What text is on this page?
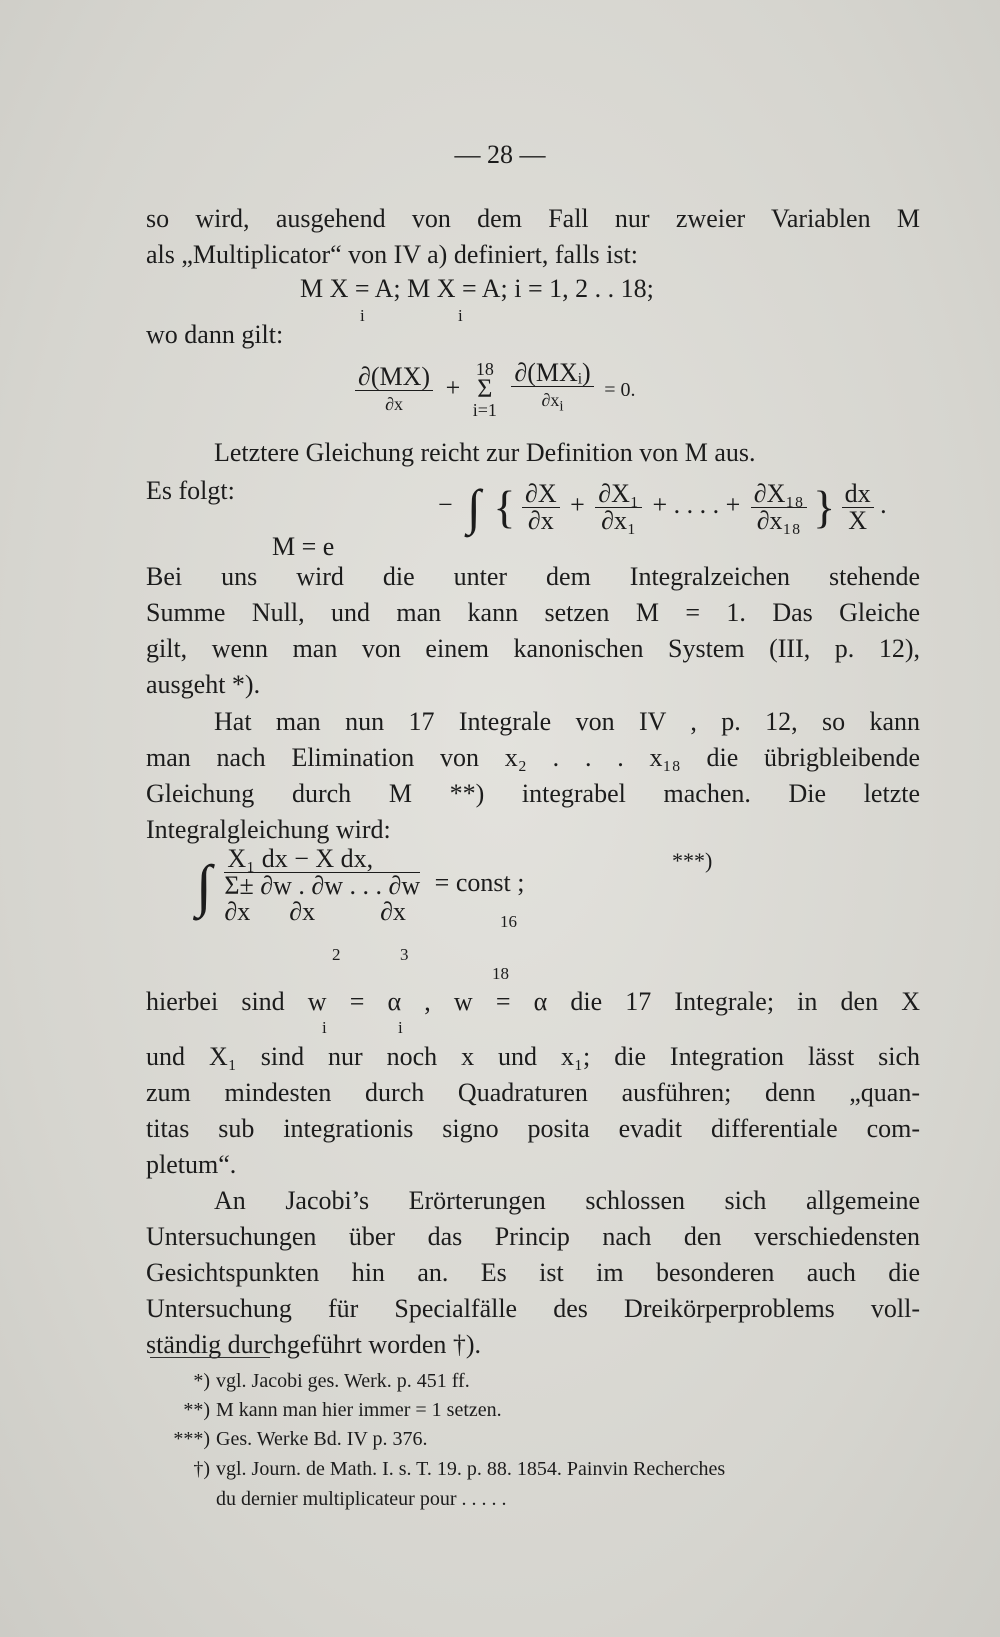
— 28 —
so wird, ausgehend von dem Fall nur zweier Variablen M
als „Multiplicator“ von IV a) definiert, falls ist:
wo dann gilt:
Letztere Gleichung reicht zur Definition von M aus.
Es folgt:
Bei uns wird die unter dem Integralzeichen stehende
Summe Null, und man kann setzen M = 1. Das Gleiche
gilt, wenn man von einem kanonischen System (III, p. 12),
ausgeht *).
Hat man nun 17 Integrale von IV , p. 12, so kann
man nach Elimination von x₂ . . . x₁₈ die übrigbleibende
Gleichung durch M **) integrabel machen. Die letzte
Integralgleichung wird:
hierbei sind w = α , w = α die 17 Integrale; in den X
und X₁ sind nur noch x und x₁; die Integration lässt sich
zum mindesten durch Quadraturen ausführen; denn „quan-
titas sub integrationis signo posita evadit differentiale com-
pletum“.
An Jacobi’s Erörterungen schlossen sich allgemeine
Untersuchungen über das Princip nach den verschiedensten
Gesichtspunkten hin an. Es ist im besonderen auch die
Untersuchung für Specialfälle des Dreikörperproblems voll-
ständig durchgeführt worden †).
M X = A; M X = A; i = 1, 2 . . 18;
i	i
$\frac{\partial(MX)}{\partial x}$ +
18
Σ
i=1
$\frac{\text{∂(MXᵢ)}}{\partial x_i} = 0$.
− ∫ { $\frac{\partial X}{\partial x} + \frac{\text{∂X₁}}{\text{∂x₁}}$ + . . . . + $\frac{\text{∂X₁₈}}{\text{∂x₁₈}}$ } $\frac{dx}{X}$ .
M = e
∫ X₁ dx − X dx,
Σ± ∂w . ∂w . . . ∂w
∂x      ∂x          ∂x
= const ;
***)
2	3
16
18
i	i
*) vgl. Jacobi ges. Werk. p. 451 ff.
**) M kann man hier immer = 1 setzen.
***) Ges. Werke Bd. IV p. 376.
†) vgl. Journ. de Math. I. s. T. 19. p. 88. 1854. Painvin Recherches
du dernier multiplicateur pour . . . . .
